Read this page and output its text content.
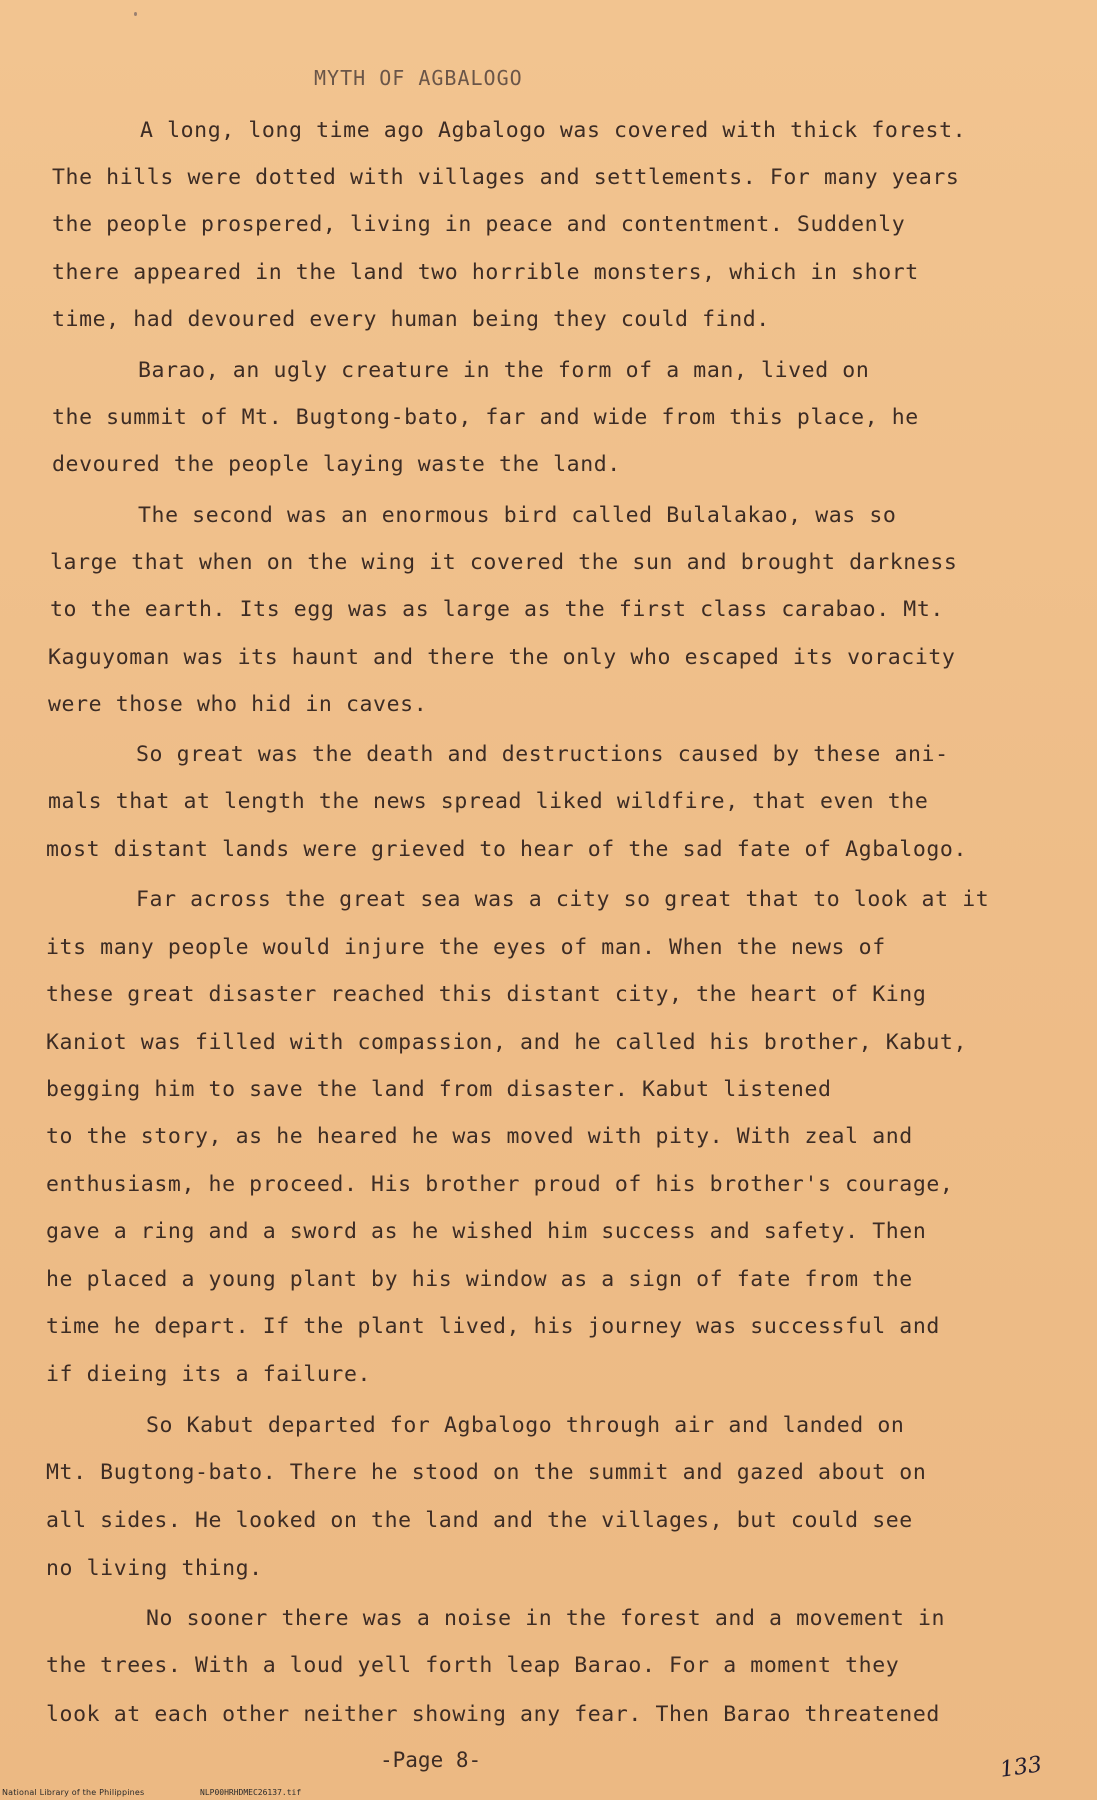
MYTH OF AGBALOGO
A long, long time ago Agbalogo was covered with thick forest.
The hills were dotted with villages and settlements. For many years
the people prospered, living in peace and contentment. Suddenly
there appeared in the land two horrible monsters, which in short
time, had devoured every human being they could find.
Barao, an ugly creature in the form of a man, lived on
the summit of Mt. Bugtong-bato, far and wide from this place, he
devoured the people laying waste the land.
The second was an enormous bird called Bulalakao, was so
large that when on the wing it covered the sun and brought darkness
to the earth. Its egg was as large as the first class carabao. Mt.
Kaguyoman was its haunt and there the only who escaped its voracity
were those who hid in caves.
So great was the death and destructions caused by these ani-
mals that at length the news spread liked wildfire, that even the
most distant lands were grieved to hear of the sad fate of Agbalogo.
Far across the great sea was a city so great that to look at it
its many people would injure the eyes of man. When the news of
these great disaster reached this distant city, the heart of King
Kaniot was filled with compassion, and he called his brother, Kabut,
begging him to save the land from disaster. Kabut listened
to the story, as he heared he was moved with pity. With zeal and
enthusiasm, he proceed. His brother proud of his brother's courage,
gave a ring and a sword as he wished him success and safety. Then
he placed a young plant by his window as a sign of fate from the
time he depart. If the plant lived, his journey was successful and
if dieing its a failure.
So Kabut departed for Agbalogo through air and landed on
Mt. Bugtong-bato. There he stood on the summit and gazed about on
all sides. He looked on the land and the villages, but could see
no living thing.
No sooner there was a noise in the forest and a movement in
the trees. With a loud yell forth leap Barao. For a moment they
look at each other neither showing any fear. Then Barao threatened
-Page 8-	133
National Library of the Philippines	NLP00HRHDMEC26137.tif
